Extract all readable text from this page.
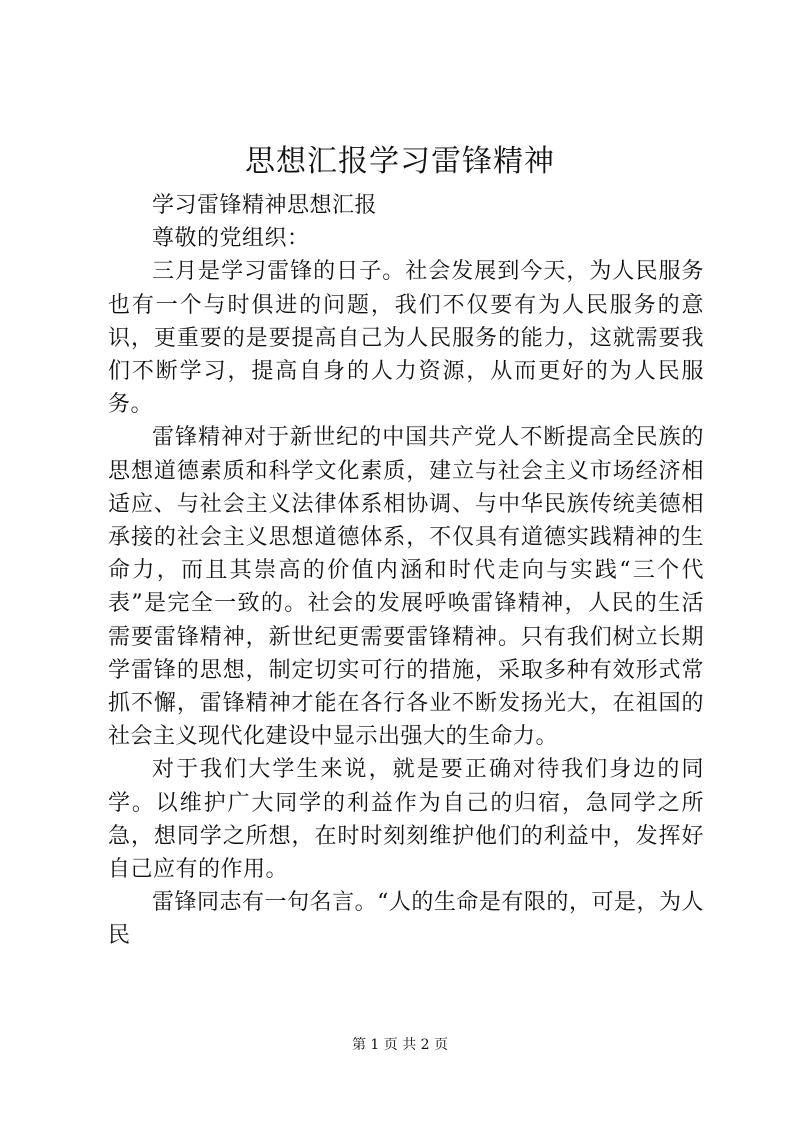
思想汇报学习雷锋精神

学习雷锋精神思想汇报

尊敬的党组织：

三月是学习雷锋的日子。社会发展到今天，为人民服务也有一个与时俱进的问题，我们不仅要有为人民服务的意识，更重要的是要提高自己为人民服务的能力，这就需要我们不断学习，提高自身的人力资源，从而更好的为人民服务。

雷锋精神对于新世纪的中国共产党人不断提高全民族的思想道德素质和科学文化素质，建立与社会主义市场经济相适应、与社会主义法律体系相协调、与中华民族传统美德相承接的社会主义思想道德体系，不仅具有道德实践精神的生命力，而且其崇高的价值内涵和时代走向与实践“三个代表”是完全一致的。社会的发展呼唤雷锋精神，人民的生活需要雷锋精神，新世纪更需要雷锋精神。只有我们树立长期学雷锋的思想，制定切实可行的措施，采取多种有效形式常抓不懈，雷锋精神才能在各行各业不断发扬光大，在祖国的社会主义现代化建设中显示出强大的生命力。

对于我们大学生来说，就是要正确对待我们身边的同学。以维护广大同学的利益作为自己的归宿，急同学之所急，想同学之所想，在时时刻刻维护他们的利益中，发挥好自己应有的作用。

雷锋同志有一句名言。“人的生命是有限的，可是，为人民

第 1 页 共 2 页
